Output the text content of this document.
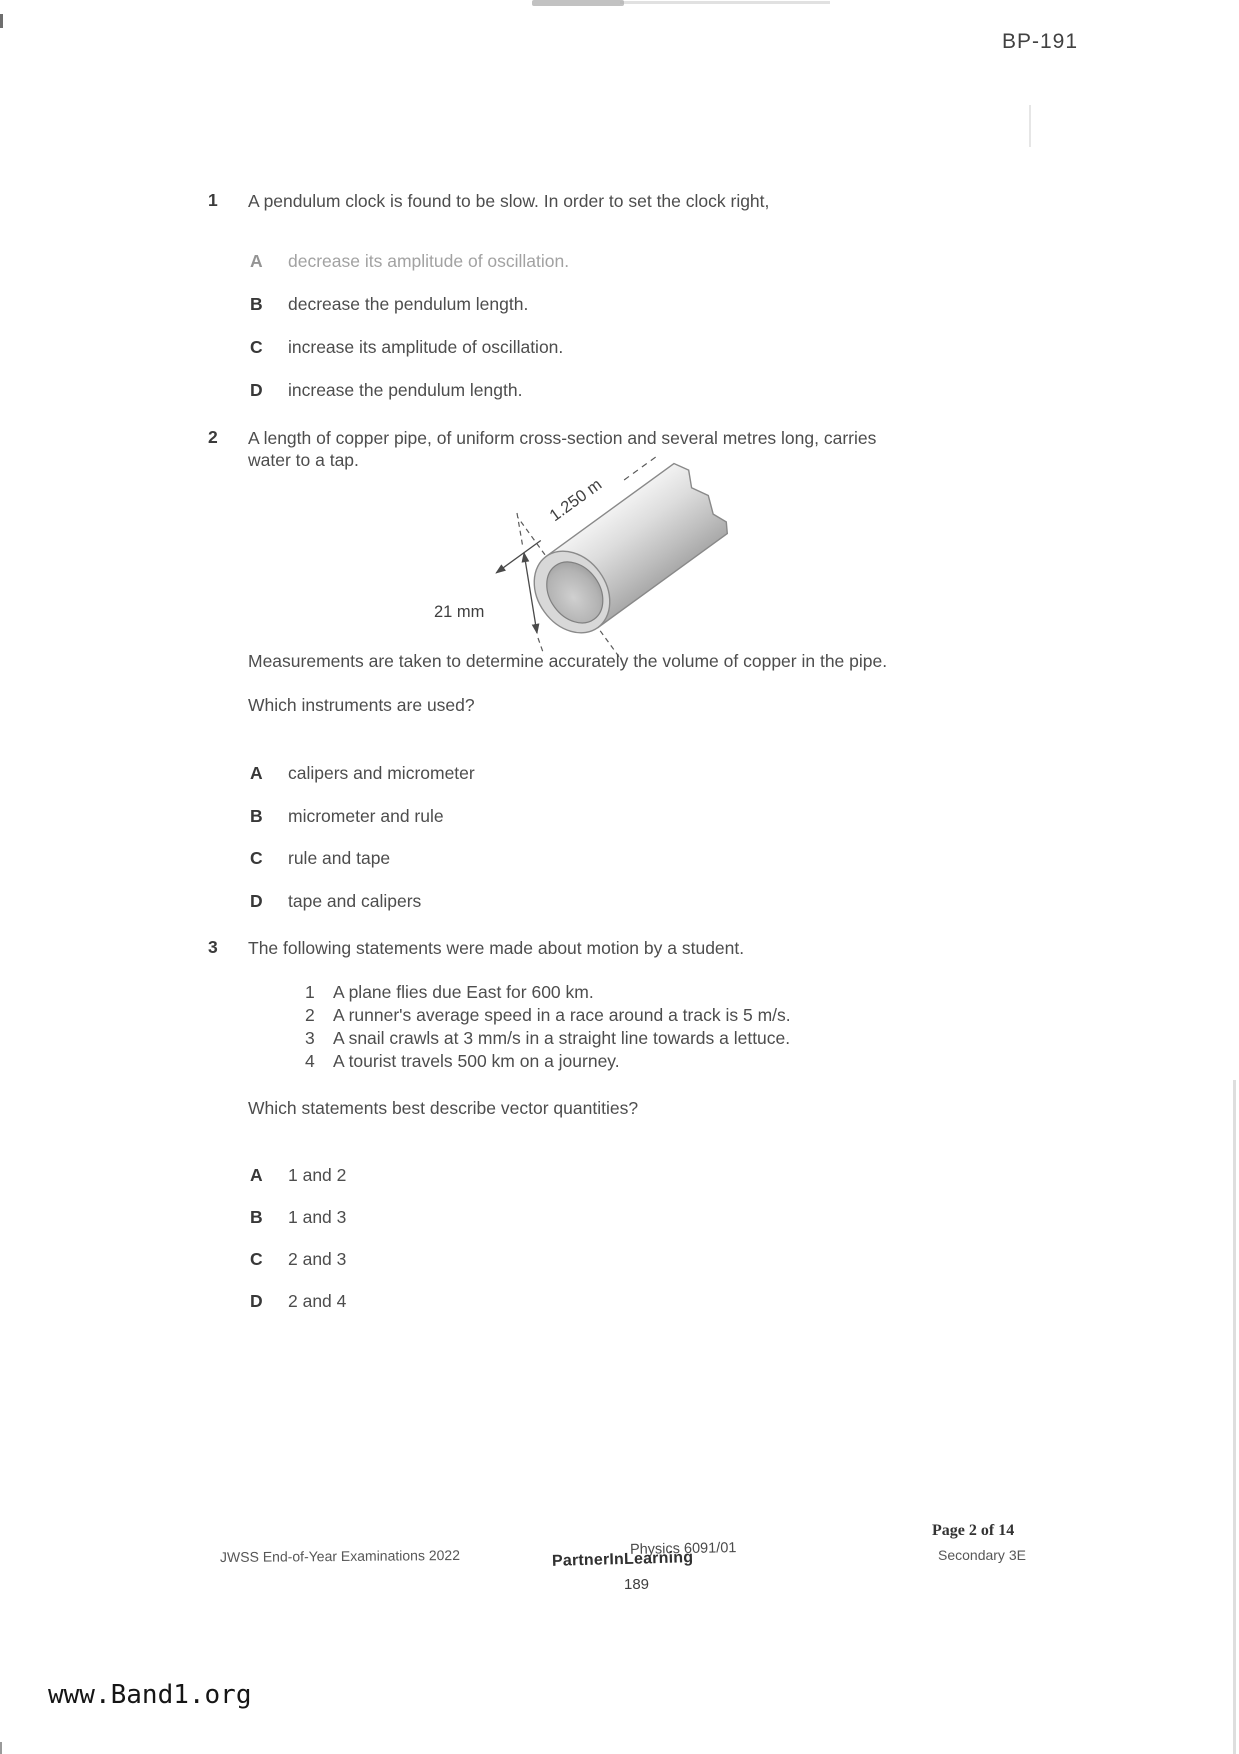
BP-191
1 A pendulum clock is found to be slow. In order to set the clock right,
A decrease its amplitude of oscillation.
B decrease the pendulum length.
C increase its amplitude of oscillation.
D increase the pendulum length.
2 A length of copper pipe, of uniform cross-section and several metres long, carries
water to a tap.
1.250 m
21 mm
Measurements are taken to determine accurately the volume of copper in the pipe.
Which instruments are used?
A calipers and micrometer
B micrometer and rule
C rule and tape
D tape and calipers
3 The following statements were made about motion by a student.
1	A plane flies due East for 600 km.
2	A runner's average speed in a race around a track is 5 m/s.
3	A snail crawls at 3 mm/s in a straight line towards a lettuce.
4	A tourist travels 500 km on a journey.
Which statements best describe vector quantities?
A 1 and 2
B 1 and 3
C 2 and 3
D 2 and 4
Page 2 of 14
Secondary 3E
JWSS End-of-Year Examinations 2022	Physics 6091/01
PartnerInLearning
189
www.Band1.org
